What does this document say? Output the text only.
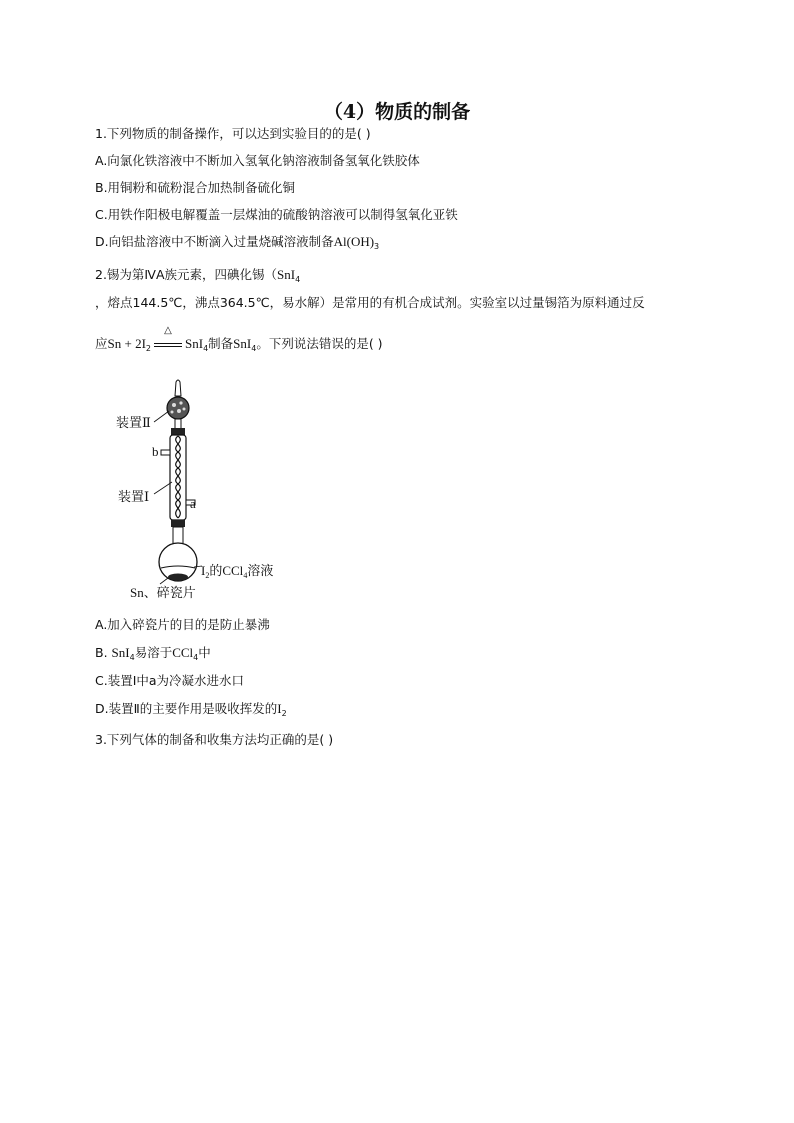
（4）物质的制备
1.下列物质的制备操作，可以达到实验目的的是( )
A.向氯化铁溶液中不断加入氢氧化钠溶液制备氢氧化铁胶体
B.用铜粉和硫粉混合加热制备硫化铜
C.用铁作阳极电解覆盖一层煤油的硫酸钠溶液可以制得氢氧化亚铁
D.向铝盐溶液中不断滴入过量烧碱溶液制备$Al(OH)_3$
2.锡为第ⅣA族元素，四碘化锡（SnI$_4$
，熔点144.5℃，沸点364.5℃，易水解）是常用的有机合成试剂。实验室以过量锡箔为原料通过反
应$Sn + 2I_2$
△
SnI$_4$制备SnI$_4$。下列说法错误的是( )
装置Ⅱ
b
装置Ⅰ	a
$I_2$的CCl$_4$溶液
Sn、碎瓷片
A.加入碎瓷片的目的是防止暴沸
B. SnI$_4$易溶于CCl$_4$中
C.装置Ⅰ中a为冷凝水进水口
D.装置Ⅱ的主要作用是吸收挥发的$I_2$
3.下列气体的制备和收集方法均正确的是( )
